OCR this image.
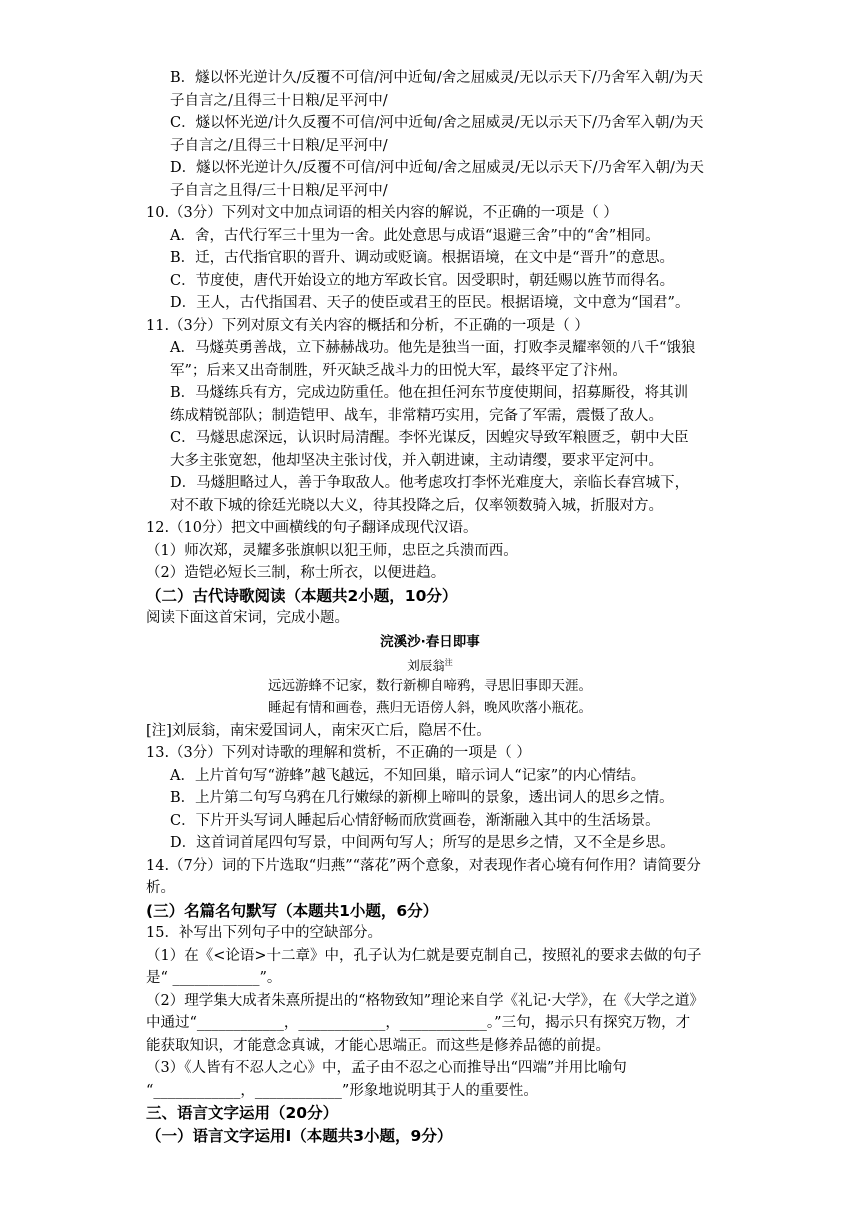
B．燧以怀光逆计久/反覆不可信/河中近甸/舍之屈威灵/无以示天下/乃舍军入朝/为天
子自言之/且得三十日粮/足平河中/
C．燧以怀光逆/计久反覆不可信/河中近甸/舍之屈威灵/无以示天下/乃舍军入朝/为天
子自言之/且得三十日粮/足平河中/
D．燧以怀光逆计久/反覆不可信/河中近甸/舍之屈威灵/无以示天下/乃舍军入朝/为天
子自言之且得/三十日粮/足平河中/
10.（3分）下列对文中加点词语的相关内容的解说，不正确的一项是（ ）
A．舍，古代行军三十里为一舍。此处意思与成语“退避三舍”中的“舍”相同。
B．迁，古代指官职的晋升、调动或贬谪。根据语境，在文中是“晋升”的意思。
C．节度使，唐代开始设立的地方军政长官。因受职时，朝廷赐以旌节而得名。
D．王人，古代指国君、天子的使臣或君王的臣民。根据语境，文中意为“国君”。
11.（3分）下列对原文有关内容的概括和分析，不正确的一项是（ ）
A．马燧英勇善战，立下赫赫战功。他先是独当一面，打败李灵耀率领的八千“饿狼
军”；后来又出奇制胜，歼灭缺乏战斗力的田悦大军，最终平定了汴州。
B．马燧练兵有方，完成边防重任。他在担任河东节度使期间，招募厮役，将其训
练成精锐部队；制造铠甲、战车，非常精巧实用，完备了军需，震慑了敌人。
C．马燧思虑深远，认识时局清醒。李怀光谋反，因蝗灾导致军粮匮乏，朝中大臣
大多主张宽恕，他却坚决主张讨伐，并入朝进谏，主动请缨，要求平定河中。
D．马燧胆略过人，善于争取敌人。他考虑攻打李怀光难度大，亲临长春宫城下，
对不敢下城的徐廷光晓以大义，待其投降之后，仅率领数骑入城，折服对方。
12.（10分）把文中画横线的句子翻译成现代汉语。
（1）师次郑，灵耀多张旗帜以犯王师，忠臣之兵溃而西。
（2）造铠必短长三制，称士所衣，以便进趋。
（二）古代诗歌阅读（本题共2小题，10分）
阅读下面这首宋词，完成小题。
浣溪沙·春日即事
刘辰翁$^注$
远远游蜂不记家，数行新柳自啼鸦，寻思旧事即天涯。
睡起有情和画卷，燕归无语傍人斜，晚风吹落小瓶花。
[注]刘辰翁，南宋爱国词人，南宋灭亡后，隐居不仕。
13.（3分）下列对诗歌的理解和赏析，不正确的一项是（ ）
A．上片首句写“游蜂”越飞越远，不知回巢，暗示词人“记家”的内心情结。
B．上片第二句写乌鸦在几行嫩绿的新柳上啼叫的景象，透出词人的思乡之情。
C．下片开头写词人睡起后心情舒畅而欣赏画卷，渐渐融入其中的生活场景。
D．这首词首尾四句写景，中间两句写人；所写的是思乡之情，又不全是乡思。
14.（7分）词的下片选取“归燕”“落花”两个意象，对表现作者心境有何作用？请简要分
析。
(三）名篇名句默写（本题共1小题，6分）
15．补写出下列句子中的空缺部分。
（1）在《<论语>十二章》中，孔子认为仁就是要克制自己，按照礼的要求去做的句子
是“ ____________”。
（2）理学集大成者朱熹所提出的“格物致知”理论来自学《礼记·大学》，在《大学之道》
中通过“____________，____________，____________。”三句，揭示只有探究万物，才
能获取知识，才能意念真诚，才能心思端正。而这些是修养品德的前提。
（3）《人皆有不忍人之心》中，孟子由不忍之心而推导出“四端”并用比喻句
“____________，____________”形象地说明其于人的重要性。
三、语言文字运用（20分）
（一）语言文字运用Ⅰ（本题共3小题，9分）
